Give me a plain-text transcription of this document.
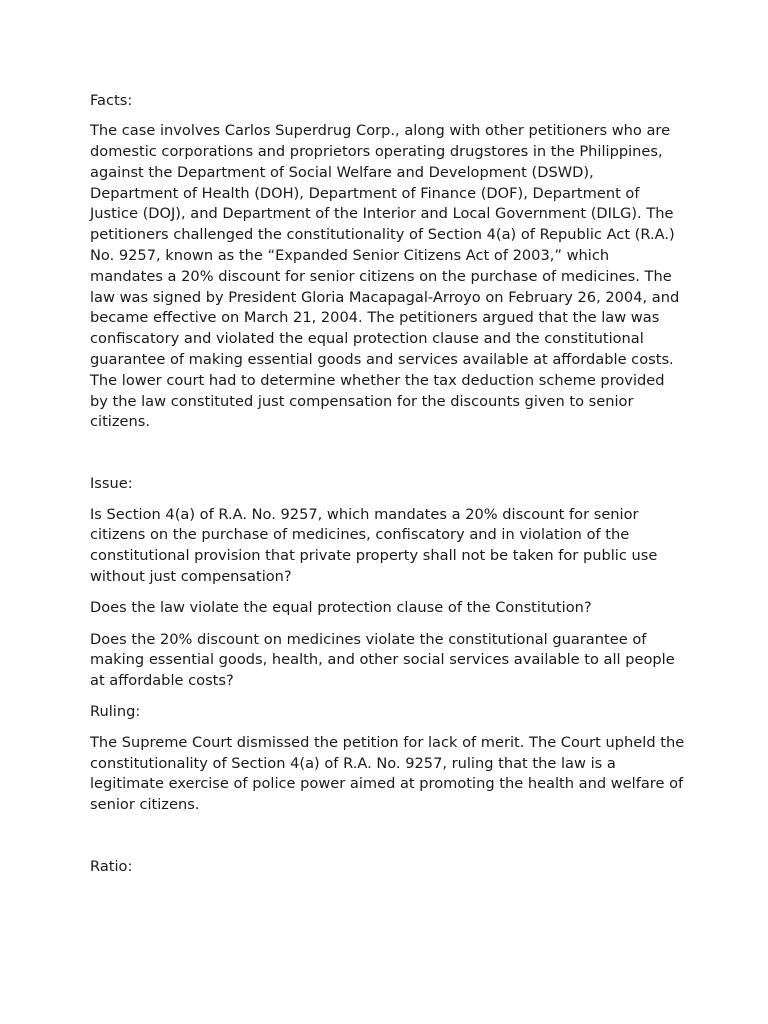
Facts:

The case involves Carlos Superdrug Corp., along with other petitioners who are domestic corporations and proprietors operating drugstores in the Philippines, against the Department of Social Welfare and Development (DSWD), Department of Health (DOH), Department of Finance (DOF), Department of Justice (DOJ), and Department of the Interior and Local Government (DILG). The petitioners challenged the constitutionality of Section 4(a) of Republic Act (R.A.) No. 9257, known as the “Expanded Senior Citizens Act of 2003,” which mandates a 20% discount for senior citizens on the purchase of medicines. The law was signed by President Gloria Macapagal-Arroyo on February 26, 2004, and became effective on March 21, 2004. The petitioners argued that the law was confiscatory and violated the equal protection clause and the constitutional guarantee of making essential goods and services available at affordable costs. The lower court had to determine whether the tax deduction scheme provided by the law constituted just compensation for the discounts given to senior citizens.

Issue:

Is Section 4(a) of R.A. No. 9257, which mandates a 20% discount for senior citizens on the purchase of medicines, confiscatory and in violation of the constitutional provision that private property shall not be taken for public use without just compensation?

Does the law violate the equal protection clause of the Constitution?

Does the 20% discount on medicines violate the constitutional guarantee of making essential goods, health, and other social services available to all people at affordable costs?

Ruling:

The Supreme Court dismissed the petition for lack of merit. The Court upheld the constitutionality of Section 4(a) of R.A. No. 9257, ruling that the law is a legitimate exercise of police power aimed at promoting the health and welfare of senior citizens.

Ratio:
